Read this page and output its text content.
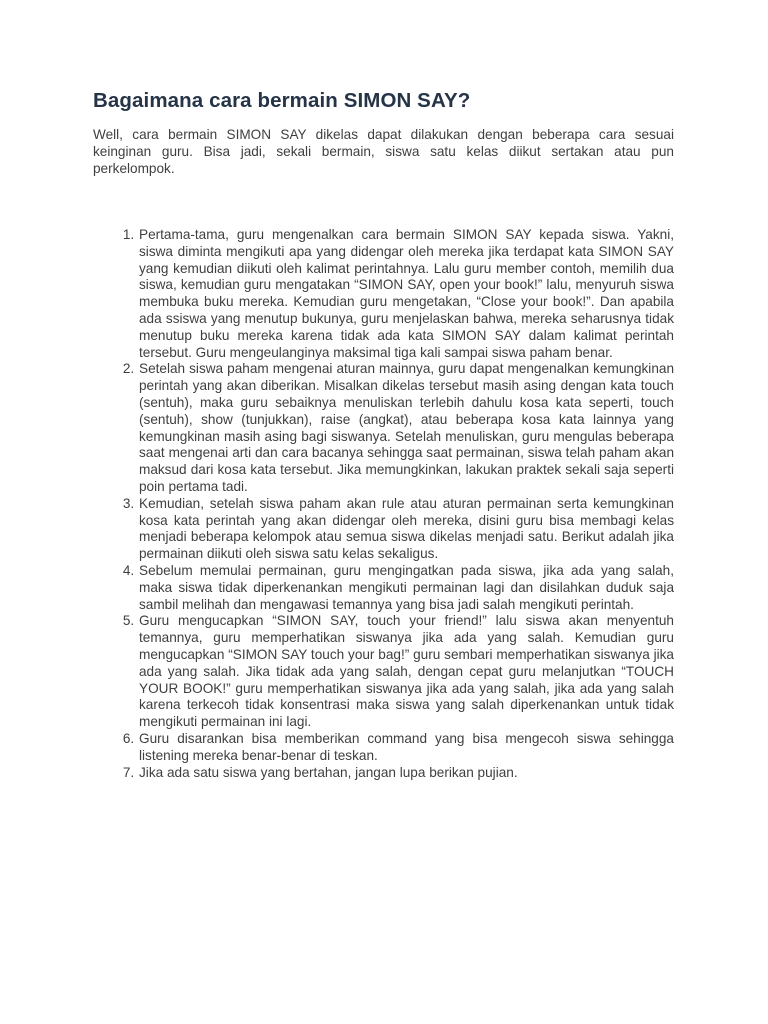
Bagaimana cara bermain SIMON SAY?

Well, cara bermain SIMON SAY dikelas dapat dilakukan dengan beberapa cara sesuai keinginan guru. Bisa jadi, sekali bermain, siswa satu kelas diikut sertakan atau pun perkelompok.

1. Pertama-tama, guru mengenalkan cara bermain SIMON SAY kepada siswa. Yakni, siswa diminta mengikuti apa yang didengar oleh mereka jika terdapat kata SIMON SAY yang kemudian diikuti oleh kalimat perintahnya. Lalu guru member contoh, memilih dua siswa, kemudian guru mengatakan “SIMON SAY, open your book!” lalu, menyuruh siswa membuka buku mereka. Kemudian guru mengetakan, “Close your book!”. Dan apabila ada ssiswa yang menutup bukunya, guru menjelaskan bahwa, mereka seharusnya tidak menutup buku mereka karena tidak ada kata SIMON SAY dalam kalimat perintah tersebut. Guru mengeulanginya maksimal tiga kali sampai siswa paham benar.
2. Setelah siswa paham mengenai aturan mainnya, guru dapat mengenalkan kemungkinan perintah yang akan diberikan. Misalkan dikelas tersebut masih asing dengan kata touch (sentuh), maka guru sebaiknya menuliskan terlebih dahulu kosa kata seperti, touch (sentuh), show (tunjukkan), raise (angkat), atau beberapa kosa kata lainnya yang kemungkinan masih asing bagi siswanya. Setelah menuliskan, guru mengulas beberapa saat mengenai arti dan cara bacanya sehingga saat permainan, siswa telah paham akan maksud dari kosa kata tersebut. Jika memungkinkan, lakukan praktek sekali saja seperti poin pertama tadi.
3. Kemudian, setelah siswa paham akan rule atau aturan permainan serta kemungkinan kosa kata perintah yang akan didengar oleh mereka, disini guru bisa membagi kelas menjadi beberapa kelompok atau semua siswa dikelas menjadi satu. Berikut adalah jika permainan diikuti oleh siswa satu kelas sekaligus.
4. Sebelum memulai permainan, guru mengingatkan pada siswa, jika ada yang salah, maka siswa tidak diperkenankan mengikuti permainan lagi dan disilahkan duduk saja sambil melihah dan mengawasi temannya yang bisa jadi salah mengikuti perintah.
5. Guru mengucapkan “SIMON SAY, touch your friend!” lalu siswa akan menyentuh temannya, guru memperhatikan siswanya jika ada yang salah. Kemudian guru mengucapkan “SIMON SAY touch your bag!” guru sembari memperhatikan siswanya jika ada yang salah. Jika tidak ada yang salah, dengan cepat guru melanjutkan “TOUCH YOUR BOOK!” guru memperhatikan siswanya jika ada yang salah, jika ada yang salah karena terkecoh tidak konsentrasi maka siswa yang salah diperkenankan untuk tidak mengikuti permainan ini lagi.
6. Guru disarankan bisa memberikan command yang bisa mengecoh siswa sehingga listening mereka benar-benar di teskan.
7. Jika ada satu siswa yang bertahan, jangan lupa berikan pujian.
